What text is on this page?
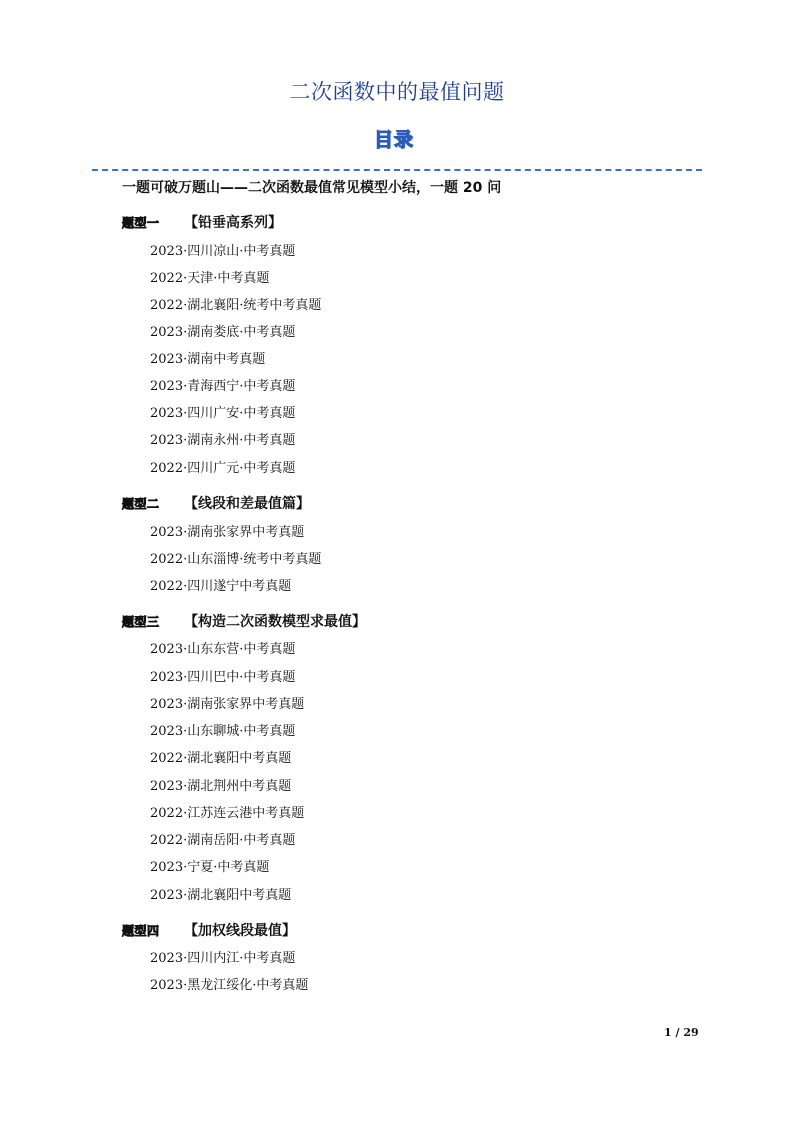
二次函数中的最值问题
目录
一题可破万题山——二次函数最值常见模型小结，一题 20 问
题型一	【铅垂高系列】
2023·四川凉山·中考真题
2022·天津·中考真题
2022·湖北襄阳·统考中考真题
2023·湖南娄底·中考真题
2023·湖南中考真题
2023·青海西宁·中考真题
2023·四川广安·中考真题
2023·湖南永州·中考真题
2022·四川广元·中考真题
题型二	【线段和差最值篇】
2023·湖南张家界中考真题
2022·山东淄博·统考中考真题
2022·四川遂宁中考真题
题型三	【构造二次函数模型求最值】
2023·山东东营·中考真题
2023·四川巴中·中考真题
2023·湖南张家界中考真题
2023·山东聊城·中考真题
2022·湖北襄阳中考真题
2023·湖北荆州中考真题
2022·江苏连云港中考真题
2022·湖南岳阳·中考真题
2023·宁夏·中考真题
2023·湖北襄阳中考真题
题型四	【加权线段最值】
2023·四川内江·中考真题
2023·黑龙江绥化·中考真题
1 / 29
